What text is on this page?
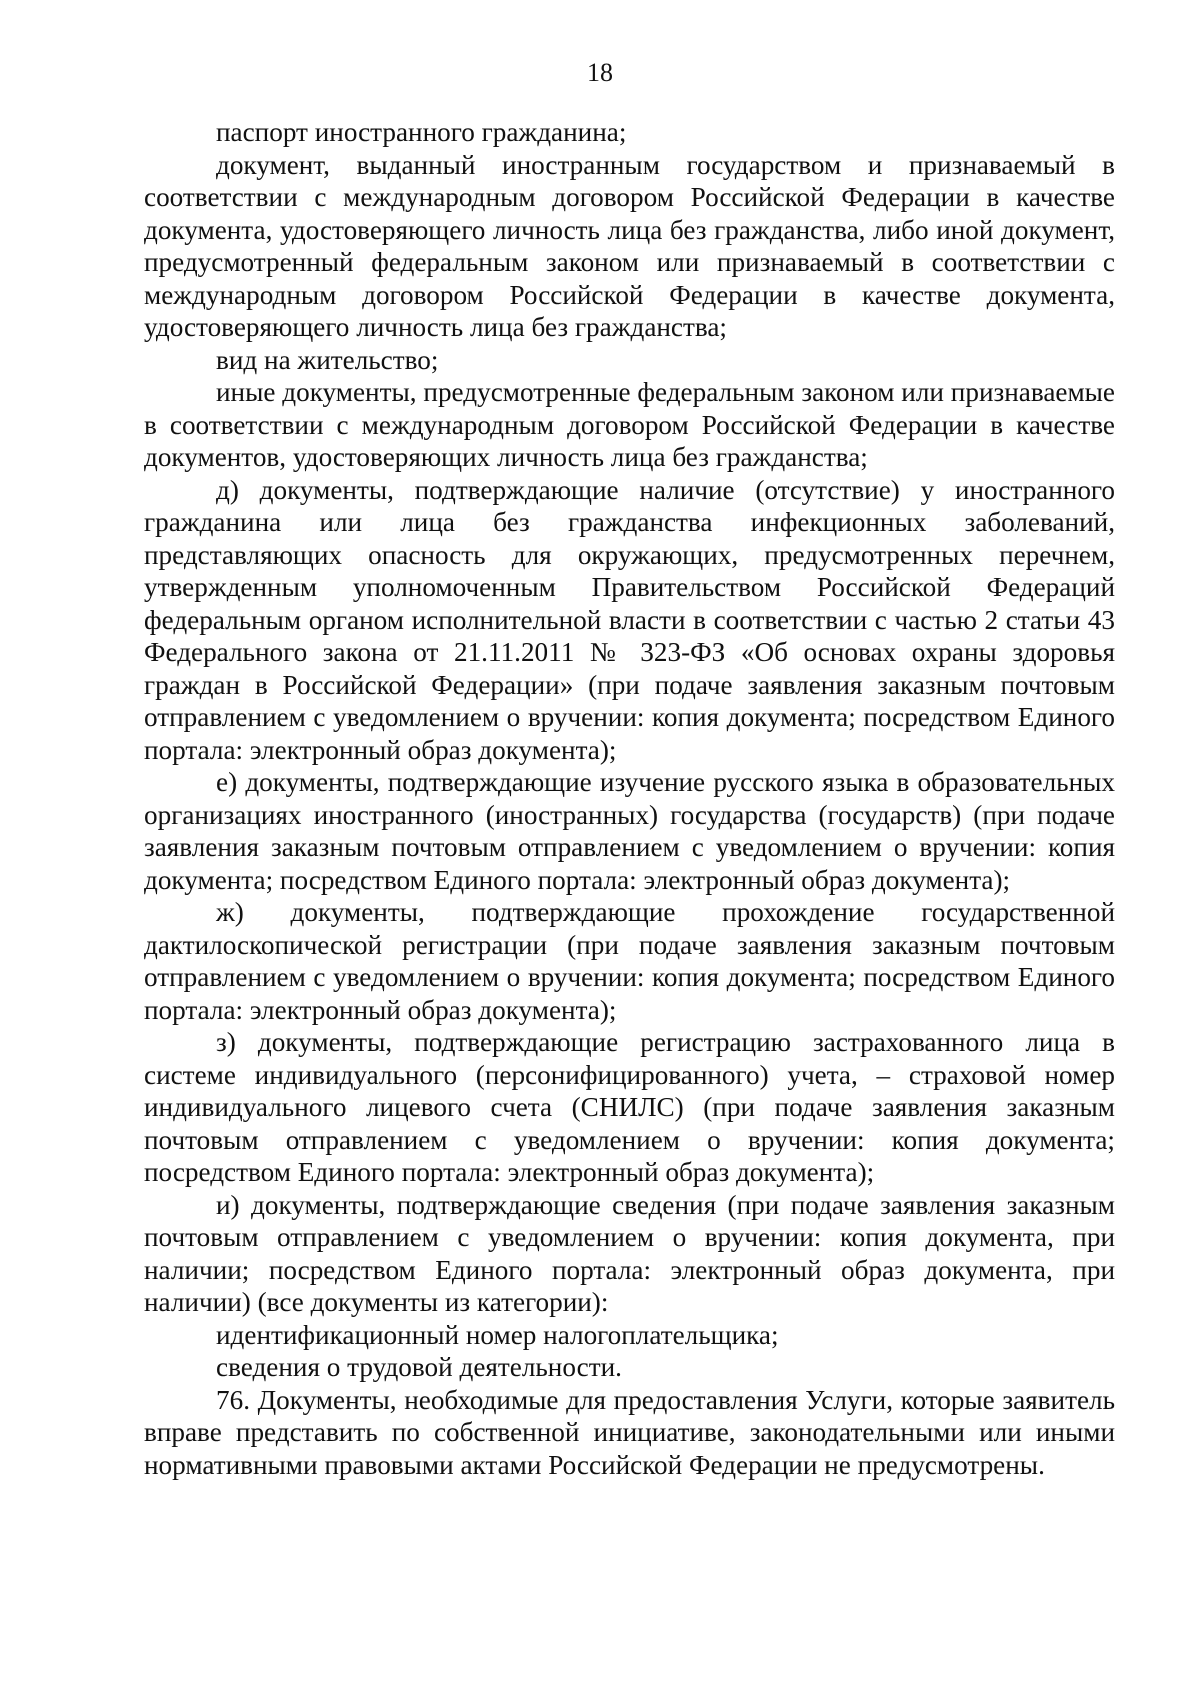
18

паспорт иностранного гражданина;

документ, выданный иностранным государством и признаваемый в соответствии с международным договором Российской Федерации в качестве документа, удостоверяющего личность лица без гражданства, либо иной документ, предусмотренный федеральным законом или признаваемый в соответствии с международным договором Российской Федерации в качестве документа, удостоверяющего личность лица без гражданства;

вид на жительство;

иные документы, предусмотренные федеральным законом или признаваемые в соответствии с международным договором Российской Федерации в качестве документов, удостоверяющих личность лица без гражданства;

д) документы, подтверждающие наличие (отсутствие) у иностранного гражданина или лица без гражданства инфекционных заболеваний, представляющих опасность для окружающих, предусмотренных перечнем, утвержденным уполномоченным Правительством Российской Федераций федеральным органом исполнительной власти в соответствии с частью 2 статьи 43 Федерального закона от 21.11.2011 № 323-ФЗ «Об основах охраны здоровья граждан в Российской Федерации» (при подаче заявления заказным почтовым отправлением с уведомлением о вручении: копия документа; посредством Единого портала: электронный образ документа);

е) документы, подтверждающие изучение русского языка в образовательных организациях иностранного (иностранных) государства (государств) (при подаче заявления заказным почтовым отправлением с уведомлением о вручении: копия документа; посредством Единого портала: электронный образ документа);

ж) документы, подтверждающие прохождение государственной дактилоскопической регистрации (при подаче заявления заказным почтовым отправлением с уведомлением о вручении: копия документа; посредством Единого портала: электронный образ документа);

з) документы, подтверждающие регистрацию застрахованного лица в системе индивидуального (персонифицированного) учета, – страховой номер индивидуального лицевого счета (СНИЛС) (при подаче заявления заказным почтовым отправлением с уведомлением о вручении: копия документа; посредством Единого портала: электронный образ документа);

и) документы, подтверждающие сведения (при подаче заявления заказным почтовым отправлением с уведомлением о вручении: копия документа, при наличии; посредством Единого портала: электронный образ документа, при наличии) (все документы из категории):

идентификационный номер налогоплательщика;

сведения о трудовой деятельности.

76. Документы, необходимые для предоставления Услуги, которые заявитель вправе представить по собственной инициативе, законодательными или иными нормативными правовыми актами Российской Федерации не предусмотрены.
